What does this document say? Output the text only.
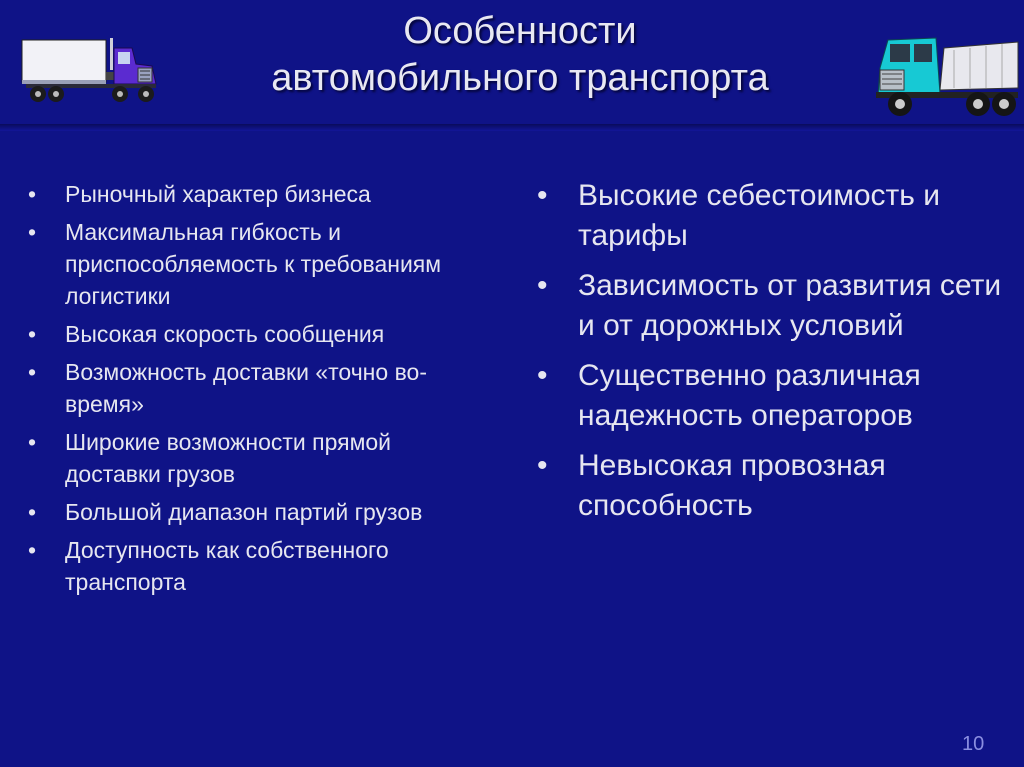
Особенности
автомобильного транспорта
• Рыночный характер бизнеса
• Максимальная гибкость и приспособляемость к требованиям логистики
• Высокая скорость сообщения
• Возможность доставки «точно во-время»
• Широкие возможности прямой доставки грузов
• Большой диапазон партий грузов
• Доступность как собственного транспорта
• Высокие себестоимость и тарифы
• Зависимость от развития сети и от дорожных условий
• Существенно различная надежность операторов
• Невысокая провозная способность
10
